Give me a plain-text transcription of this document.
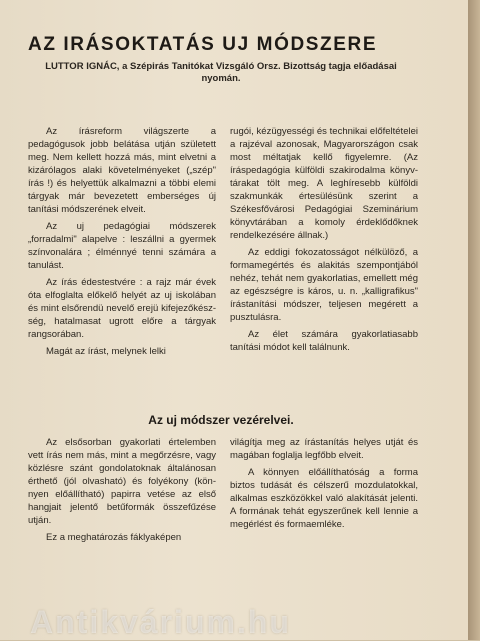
AZ IRÁSOKTATÁS UJ MÓDSZERE
LUTTOR IGNÁC, a Szépirás Tanitókat Vizsgáló Orsz. Bizottság tagja előadásai nyomán.

Az írásreform világszerte a pedagógusok jobb belátása utján született meg. Nem kellett hozzá más, mint elvetni a kizárólagos alaki követelményeket („szép" írás !) és helyettük alkalmazni a többi elemi tárgyak már bevezetett emberséges új tanítási módszerének elveit.

Az uj pedagógiai módszerek „forradalmi" alapelve : leszállni a gyermek színvonalára ; élménnyé tenni számára a tanulást.

Az írás édestestvére : a rajz már évek óta elfoglalta előkelő helyét az uj iskolában és mint elsőrendü nevelő erejü kifejezőkészség, hatalmasat ugrott előre a tárgyak rangsorában.

Magát az írást, melynek lelki

rugói, kézügyességi és technikai előfeltételei a rajzéval azonosak, Magyarországon csak most méltatjak kellő figyelemre. (Az íráspedagógia külföldi szakirodalma könyvtárakat tölt meg. A leghíresebb külföldi szakmunkák értesülésünk szerint a Székesfővárosi Pedagógiai Szeminárium könyvtárában a komoly érdeklődőknek rendelkezésére állnak.)

Az eddigi fokozatosságot nélkülöző, a formamegértés és alakitás szempontjából nehéz, tehát nem gyakorlatias, emellett még az egészségre is káros, u. n. „kalligrafikus" írástanítási módszer, teljesen megérett a pusztulásra.

Az élet számára gyakorlatiasabb tanítási módot kell találnunk.

Az uj módszer vezérelvei.

Az elsősorban gyakorlati értelemben vett írás nem más, mint a megőrzésre, vagy közlésre szánt gondolatoknak általánosan érthető (jól olvasható) és folyékony (könnyen előállítható) papirra vetése az első hangjait jelentő betűformák összefűzése utján.

Ez a meghatározás fáklyaképen

világítja meg az írástanítás helyes utját és magában foglalja legfőbb elveit.

A könnyen előállíthatóság a forma biztos tudását és célszerű mozdulatokkal, alkalmas eszközökkel való alakítását jelenti. A formának tehát egyszerűnek kell lennie a megérlést és formaemléke.

Antikvárium.hu
